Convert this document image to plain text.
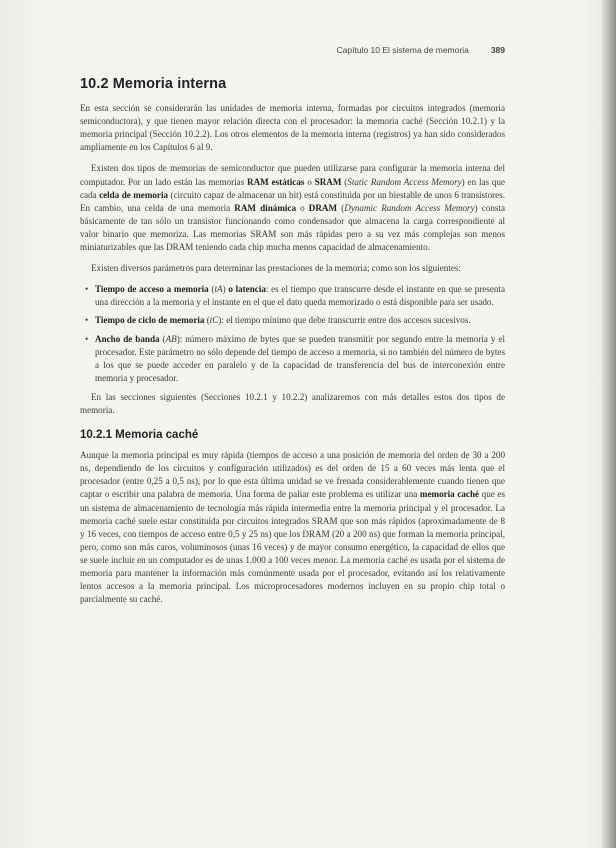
Capítulo 10 El sistema de memoria	389
10.2 Memoria interna

En esta sección se considerarán las unidades de memoria interna, formadas por circuitos integrados (memoria semiconductora), y que tienen mayor relación directa con el procesador: la memoria caché (Sección 10.2.1) y la memoria principal (Sección 10.2.2). Los otros elementos de la memoria interna (registros) ya han sido considerados ampliamente en los Capítulos 6 al 9.

Existen dos tipos de memorias de semiconductor que pueden utilizarse para configurar la memoria interna del computador. Por un lado están las memorias RAM estáticas o SRAM (Static Random Access Memory) en las que cada celda de memoria (circuito capaz de almacenar un bit) está constituida por un biestable de unos 6 transistores. En cambio, una celda de una memoria RAM dinámica o DRAM (Dynamic Random Access Memory) consta básicamente de tan sólo un transistor funcionando como condensador que almacena la carga correspondiente al valor binario que memoriza. Las memorias SRAM son más rápidas pero a su vez más complejas son menos miniaturizables que las DRAM teniendo cada chip mucha menos capacidad de almacenamiento.

Existen diversos parámetros para determinar las prestaciones de la memoria; como son los siguientes:

• Tiempo de acceso a memoria (tA) o latencia: es el tiempo que transcurre desde el instante en que se presenta una dirección a la memoria y el instante en el que el dato queda memorizado o está disponible para ser usado.
• Tiempo de ciclo de memoria (tC): el tiempo mínimo que debe transcurrir entre dos accesos sucesivos.
• Ancho de banda (AB): número máximo de bytes que se pueden transmitir por segundo entre la memoria y el procesador. Este parámetro no sólo depende del tiempo de acceso a memoria, si no también del número de bytes a los que se puede acceder en paralelo y de la capacidad de transferencia del bus de interconexión entre memoria y procesador.

En las secciones siguientes (Secciones 10.2.1 y 10.2.2) analizaremos con más detalles estos dos tipos de memoria.

10.2.1 Memoria caché

Aunque la memoria principal es muy rápida (tiempos de acceso a una posición de memoria del orden de 30 a 200 ns, dependiendo de los circuitos y configuración utilizados) es del orden de 15 a 60 veces más lenta que el procesador (entre 0,25 a 0,5 ns), por lo que esta última unidad se ve frenada considerablemente cuando tienen que captar o escribir una palabra de memoria. Una forma de paliar este problema es utilizar una memoria caché que es un sistema de almacenamiento de tecnología más rápida intermedia entre la memoria principal y el procesador. La memoria caché suele estar constituida por circuitos integrados SRAM que son más rápidos (aproximadamente de 8 y 16 veces, con tiempos de acceso entre 0,5 y 25 ns) que los DRAM (20 a 200 ns) que forman la memoria principal, pero, como son más caros, voluminosos (unas 16 veces) y de mayor consumo energético, la capacidad de ellos que se suele incluir en un computador es de unas 1.000 a 100 veces menor. La memoria caché es usada por el sistema de memoria para mantener la información más comúnmente usada por el procesador, evitando así los relativamente lentos accesos a la memoria principal. Los microprocesadores modernos incluyen en su propio chip total o parcialmente su caché.
